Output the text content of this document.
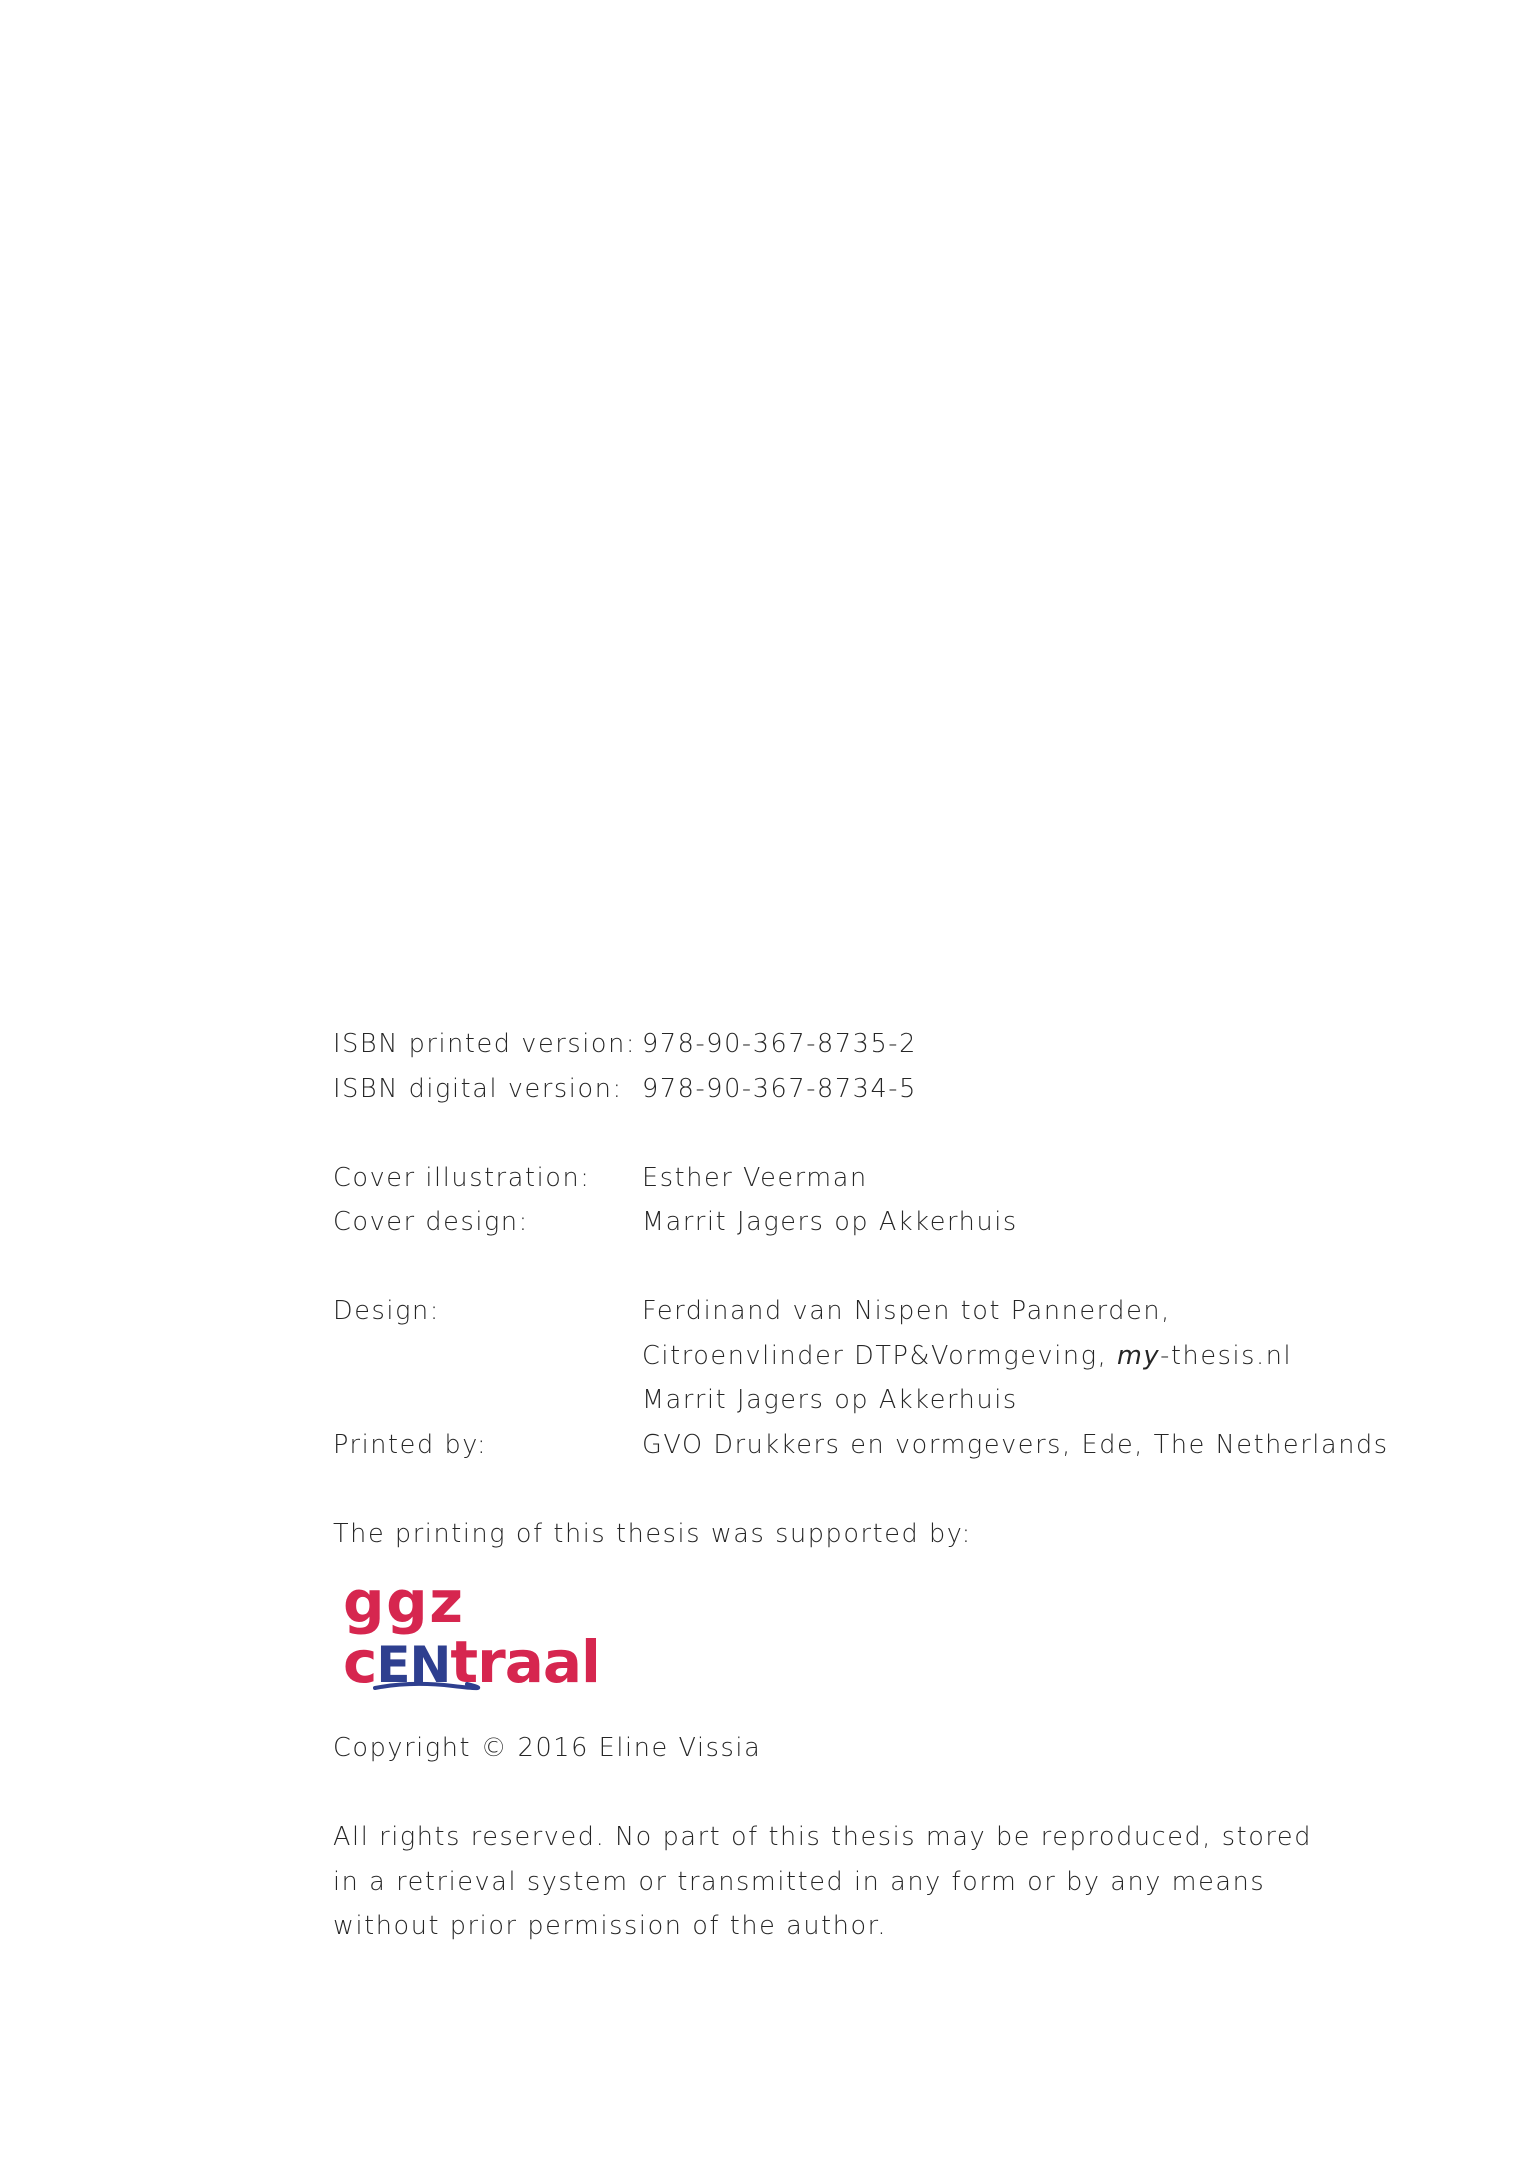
ISBN printed version: 978-90-367-8735-2
ISBN digital version: 978-90-367-8734-5
Cover illustration:	Esther Veerman
Cover design:	Marrit Jagers op Akkerhuis
Design:	Ferdinand van Nispen tot Pannerden,
Citroenvlinder DTP&Vormgeving, my-thesis.nl
Marrit Jagers op Akkerhuis
Printed by:	GVO Drukkers en vormgevers, Ede, The Netherlands
The printing of this thesis was supported by:
ggz
cENtraal
Copyright © 2016 Eline Vissia
All rights reserved. No part of this thesis may be reproduced, stored in a retrieval system or transmitted in any form or by any means without prior permission of the author.
